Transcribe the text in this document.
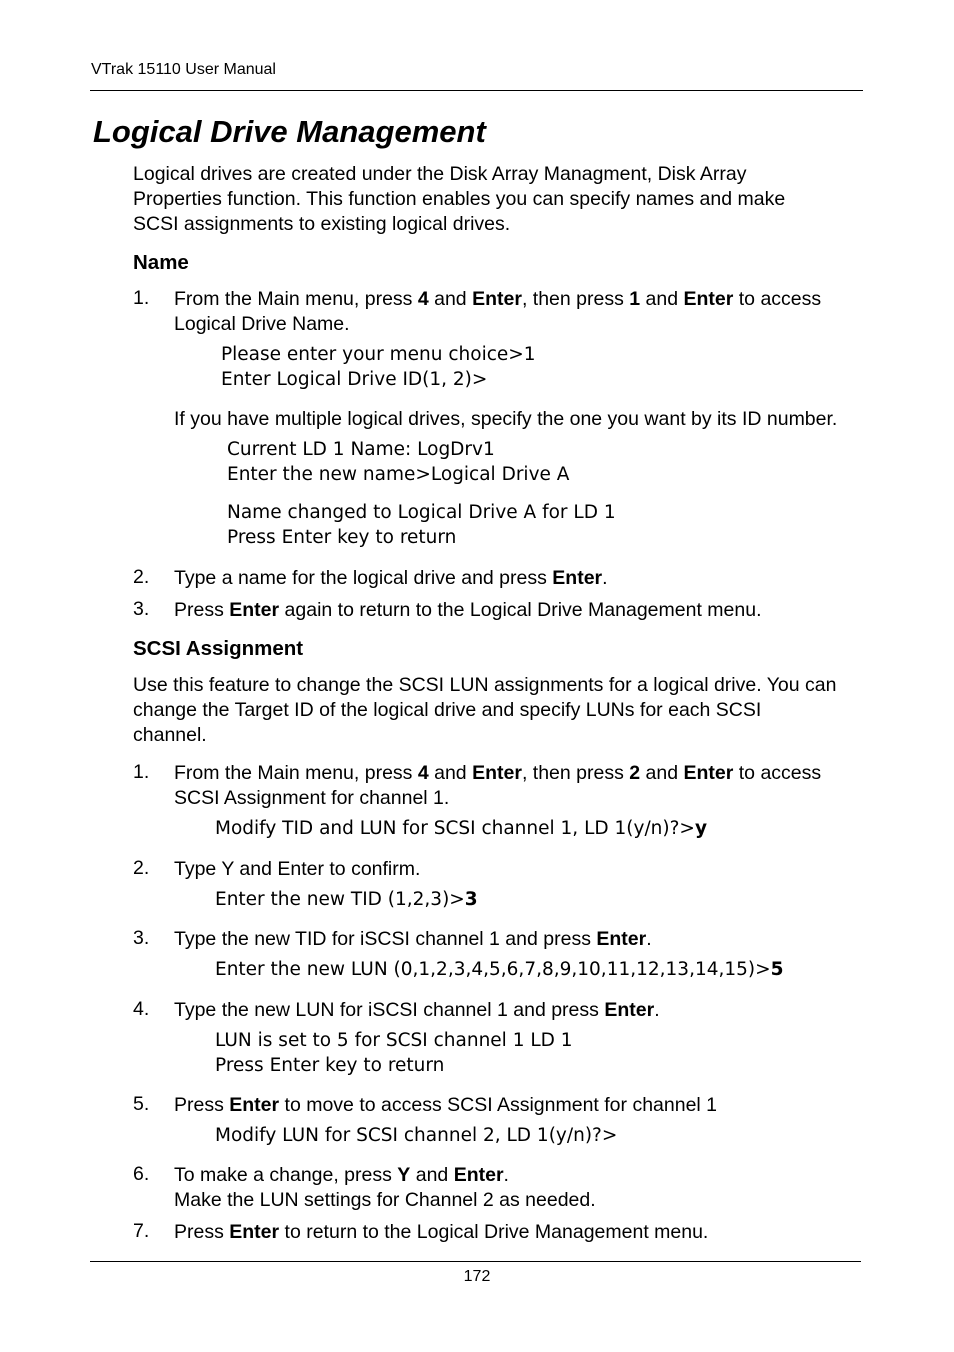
VTrak 15110 User Manual
Logical Drive Management
Logical drives are created under the Disk Array Managment, Disk Array
Properties function. This function enables you can specify names and make
SCSI assignments to existing logical drives.
Name
1. From the Main menu, press 4 and Enter, then press 1 and Enter to access
Logical Drive Name.
Please enter your menu choice>1
Enter Logical Drive ID(1, 2)>
If you have multiple logical drives, specify the one you want by its ID number.
Current LD 1 Name: LogDrv1
Enter the new name>Logical Drive A
Name changed to Logical Drive A for LD 1
Press Enter key to return
2. Type a name for the logical drive and press Enter.
3. Press Enter again to return to the Logical Drive Management menu.
SCSI Assignment
Use this feature to change the SCSI LUN assignments for a logical drive. You can
change the Target ID of the logical drive and specify LUNs for each SCSI
channel.
1. From the Main menu, press 4 and Enter, then press 2 and Enter to access
SCSI Assignment for channel 1.
Modify TID and LUN for SCSI channel 1, LD 1(y/n)?>y
2. Type Y and Enter to confirm.
Enter the new TID (1,2,3)>3
3. Type the new TID for iSCSI channel 1 and press Enter.
Enter the new LUN (0,1,2,3,4,5,6,7,8,9,10,11,12,13,14,15)>5
4. Type the new LUN for iSCSI channel 1 and press Enter.
LUN is set to 5 for SCSI channel 1 LD 1
Press Enter key to return
5. Press Enter to move to access SCSI Assignment for channel 1
Modify LUN for SCSI channel 2, LD 1(y/n)?>
6. To make a change, press Y and Enter.
Make the LUN settings for Channel 2 as needed.
7. Press Enter to return to the Logical Drive Management menu.
172
